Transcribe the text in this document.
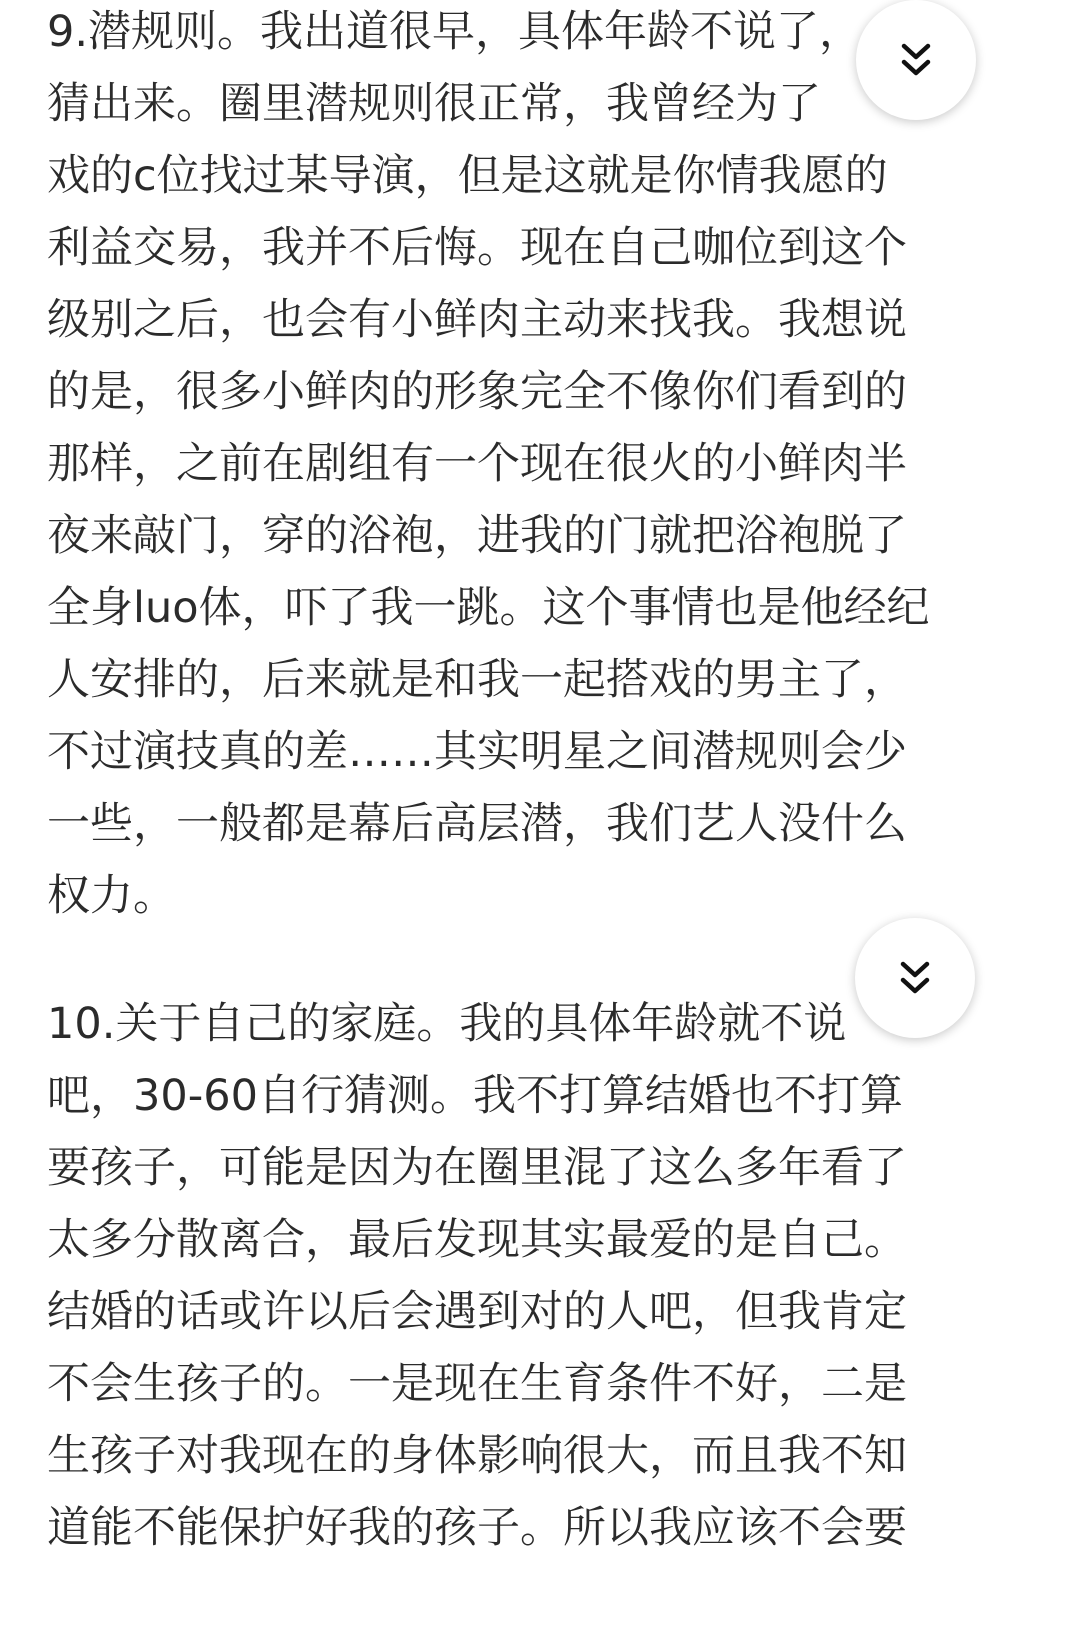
9.潜规则。我出道很早，具体年龄不说了，
猜出来。圈里潜规则很正常，我曾经为了
戏的c位找过某导演，但是这就是你情我愿的
利益交易，我并不后悔。现在自己咖位到这个
级别之后，也会有小鲜肉主动来找我。我想说
的是，很多小鲜肉的形象完全不像你们看到的
那样，之前在剧组有一个现在很火的小鲜肉半
夜来敲门，穿的浴袍，进我的门就把浴袍脱了
全身luo体，吓了我一跳。这个事情也是他经纪
人安排的，后来就是和我一起搭戏的男主了，
不过演技真的差……其实明星之间潜规则会少
一些，一般都是幕后高层潜，我们艺人没什么
权力。
10.关于自己的家庭。我的具体年龄就不说
吧，30-60自行猜测。我不打算结婚也不打算
要孩子，可能是因为在圈里混了这么多年看了
太多分散离合，最后发现其实最爱的是自己。
结婚的话或许以后会遇到对的人吧，但我肯定
不会生孩子的。一是现在生育条件不好，二是
生孩子对我现在的身体影响很大，而且我不知
道能不能保护好我的孩子。所以我应该不会要
